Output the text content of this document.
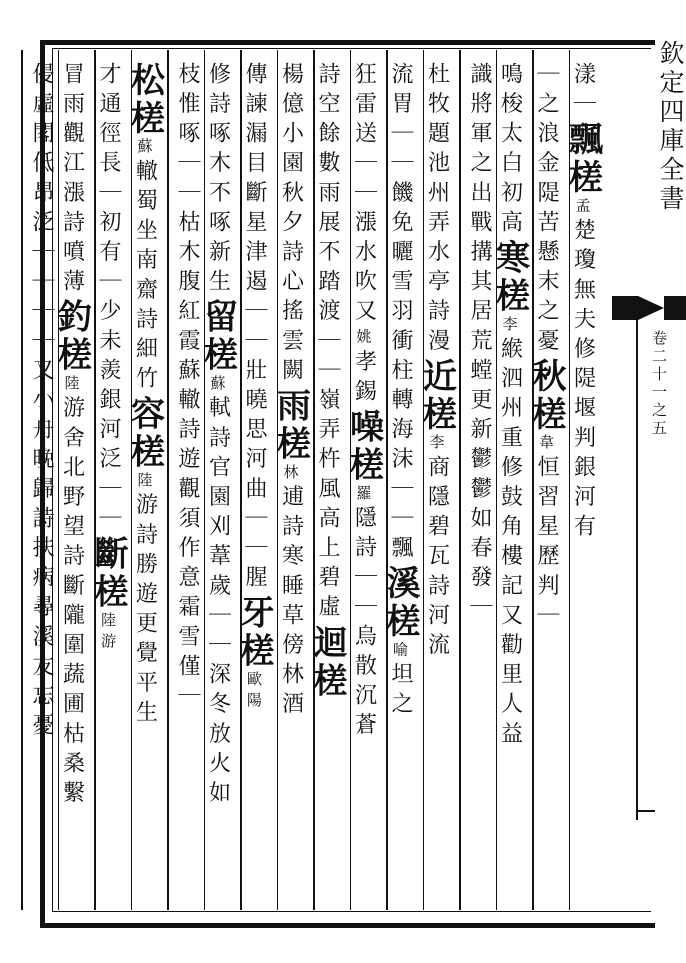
欽定四庫全書
卷二十一之五
漾｜飄槎孟楚瓊無夫修隄堰判銀河有
｜之浪金隄苦懸末之憂秋槎韋恒習星歷判｜
鳴梭太白初高寒槎李緱泗州重修鼓角樓記又勸里人益
識將軍之出戰搆其居荒螳更新鬱鬱如春發｜
杜牧題池州弄水亭詩漫近槎李商隱碧瓦詩河流
流胃｜｜饑免曬雪羽衝柱轉海沫｜｜飄溪槎喻坦之
狂雷送｜｜漲水吹又姚孝錫噪槎羅隱詩｜｜烏散沉蒼
詩空餘數雨展不踏渡｜｜嶺弄杵風高上碧虛迴槎
楊億小園秋夕詩心搖雲闕雨槎林逋詩寒睡草傍林酒
傳諫漏目斷星津遏｜｜壯曉思河曲｜｜腥牙槎歐陽
修詩啄木不啄新生留槎蘇軾詩官園刈葦歲｜｜深冬放火如
枝惟啄｜｜枯木腹紅霞蘇轍詩遊觀須作意霜雪僅｜
松槎蘇轍蜀坐南齋詩細竹容槎陸游詩勝遊更覺平生
才通徑長｜初有｜少未羨銀河泛｜｜斷槎陸游
冒雨觀江漲詩噴薄釣槎陸游舍北野望詩斷隴圍蔬圃枯桑繫
侵虛閣低昂泛｜｜｜｜又小舟晚歸詩扶病尋溪友忘憂
